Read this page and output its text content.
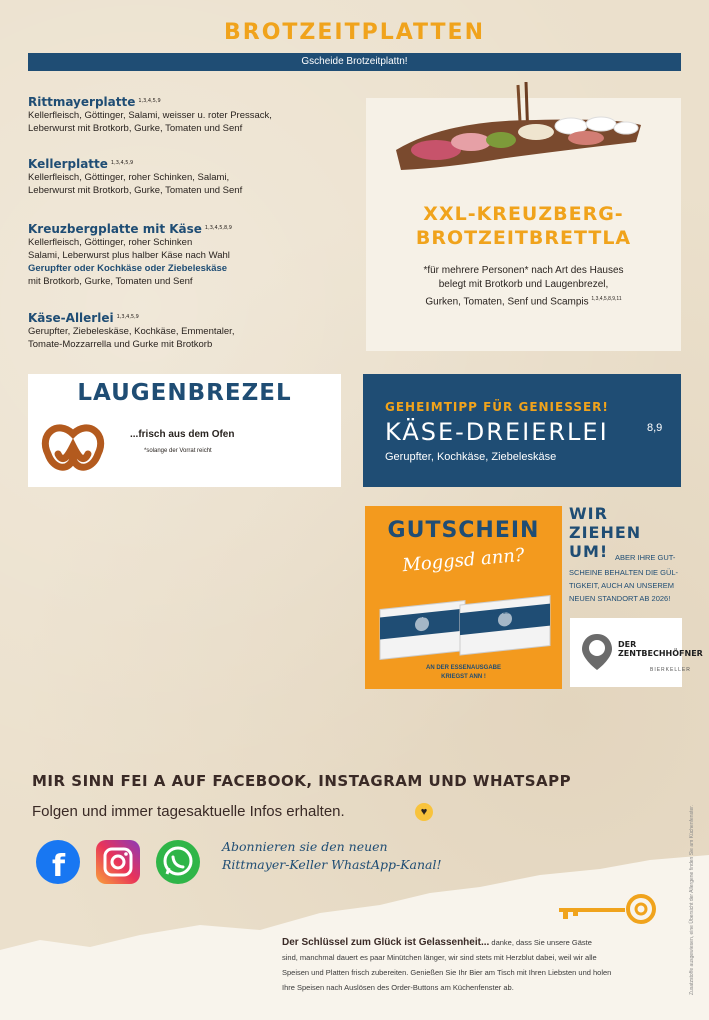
BROTZEITPLATTEN
Gscheide Brotzeitplattn!
Rittmayerplatte $^{1,3,4,5,9}$

Kellerfleisch, Göttinger, Salami, weisser u. roter Pressack,

Leberwurst mit Brotkorb, Gurke, Tomaten und Senf

Kellerplatte $^{1,3,4,5,9}$

Kellerfleisch, Göttinger, roher Schinken, Salami,

Leberwurst mit Brotkorb, Gurke, Tomaten und Senf

Kreuzbergplatte mit Käse $^{1,3,4,5,8,9}$

Kellerfleisch, Göttinger, roher Schinken

Salami, Leberwurst plus halber Käse nach Wahl

Gerupfter oder Kochkäse oder Ziebeleskäse

mit Brotkorb, Gurke, Tomaten und Senf

Käse-Allerlei $^{1,3,4,5,9}$

Gerupfter, Ziebeleskäse, Kochkäse, Emmentaler,

Tomate-Mozzarrella und Gurke mit Brotkorb

XXL-KREUZBERG-
BROTZEITBRETTLA
*für mehrere Personen* nach Art des Hauses
belegt mit Brotkorb und Laugenbrezel,
Gurken, Tomaten, Senf und Scampis $^{1,3,4,5,8,9,11}$
LAUGENBREZEL
...frisch aus dem Ofen
*solange der Vorrat reicht
GEHEIMTIPP FÜR GENIESSER!
KÄSE-DREIERLEI	8,9
Gerupfter, Kochkäse, Ziebeleskäse
GUTSCHEIN
Moggsd ann?
GUTSCHEIN
GUTSCHEIN
AN DER ESSENAUSGABE
KRIEGST ANN !
WIR
ZIEHEN
UM! ABER IHRE GUT-
SCHEINE BEHALTEN DIE GÜL-
TIGKEIT, AUCH AN UNSEREM
NEUEN STANDORT AB 2026!
DER
ZENTBECHHÖFNER
BIERKELLER
MIR SINN FEI A AUF FACEBOOK, INSTAGRAM UND WHATSAPP
Folgen und immer tagesaktuelle Infos erhalten.	♥
f
Abonnieren sie den neuen
Rittmayer-Keller WhastApp-Kanal!
Der Schlüssel zum Glück ist Gelassenheit... danke, dass Sie unsere Gäste
sind, manchmal dauert es paar Minütchen länger, wir sind stets mit Herzblut dabei, weil wir alle
Speisen und Platten frisch zubereiten. Genießen Sie Ihr Bier am Tisch mit Ihren Liebsten und holen
Ihre Speisen nach Auslösen des Order-Buttons am Küchenfenster ab.	Zusatzstoffe ausgewiesen, eine Übersicht der Allergene finden Sie am Küchenfenster.
